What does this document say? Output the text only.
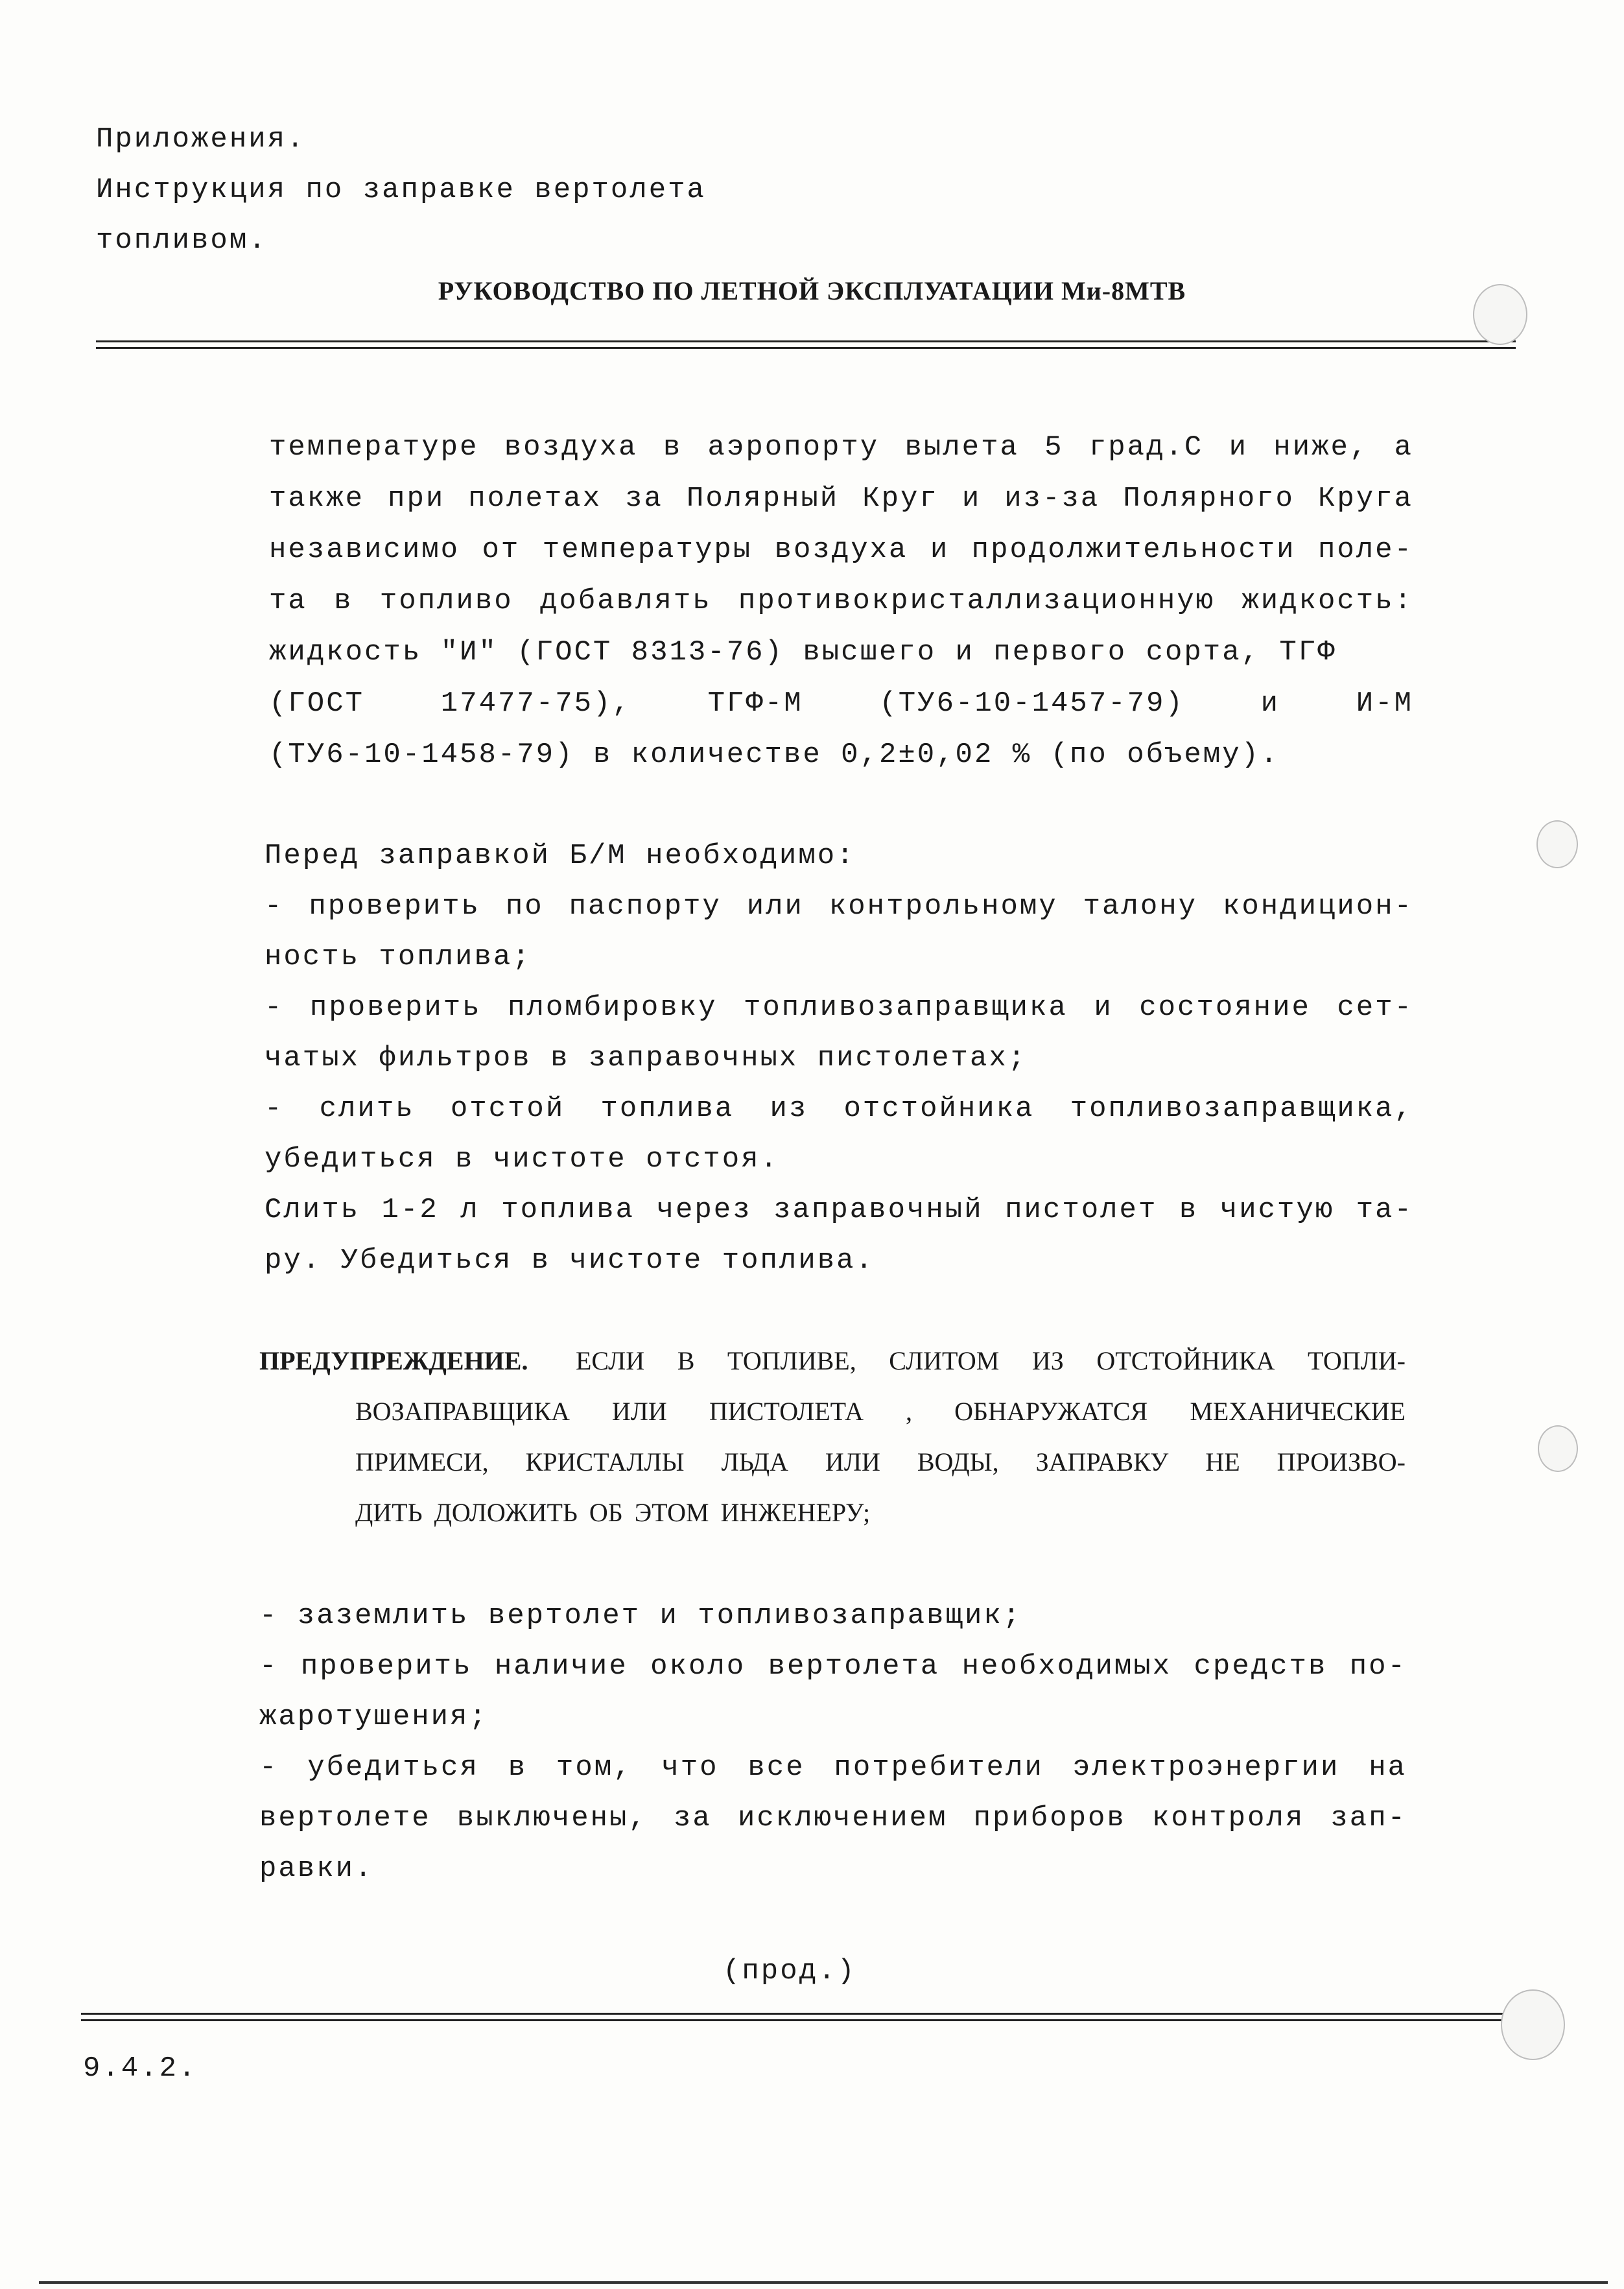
Приложения.
Инструкция по заправке вертолета
топливом.
РУКОВОДСТВО ПО ЛЕТНОЙ ЭКСПЛУАТАЦИИ Ми-8МТВ
температуре воздуха в аэропорту вылета 5 град.С и ниже, а
также при полетах за Полярный Круг и из-за Полярного Круга
независимо от температуры воздуха и продолжительности поле-
та в топливо добавлять противокристаллизационную жидкость:
жидкость "И" (ГОСТ 8313-76) высшего и первого сорта, ТГФ
(ГОСТ 17477-75), ТГФ-М (ТУ6-10-1457-79) и И-М
(ТУ6-10-1458-79) в количестве 0,2±0,02 % (по объему).
Перед заправкой Б/М необходимо:
- проверить по паспорту или контрольному талону кондицион-
ность топлива;
- проверить пломбировку топливозаправщика и состояние сет-
чатых фильтров в заправочных пистолетах;
- слить отстой топлива из отстойника топливозаправщика,
убедиться в чистоте отстоя.
Слить 1-2 л топлива через заправочный пистолет в чистую та-
ру. Убедиться в чистоте топлива.
ПРЕДУПРЕЖДЕНИЕ. ЕСЛИ В ТОПЛИВЕ, СЛИТОМ ИЗ ОТСТОЙНИКА ТОПЛИ-
ВОЗАПРАВЩИКА ИЛИ ПИСТОЛЕТА , ОБНАРУЖАТСЯ МЕХАНИЧЕСКИЕ
ПРИМЕСИ, КРИСТАЛЛЫ ЛЬДА ИЛИ ВОДЫ, ЗАПРАВКУ НЕ ПРОИЗВО-
ДИТЬ ДОЛОЖИТЬ ОБ ЭТОМ ИНЖЕНЕРУ;
- заземлить вертолет и топливозаправщик;
- проверить наличие около вертолета необходимых средств по-
жаротушения;
- убедиться в том, что все потребители электроэнергии на
вертолете выключены, за исключением приборов контроля зап-
равки.
(прод.)
9.4.2.
